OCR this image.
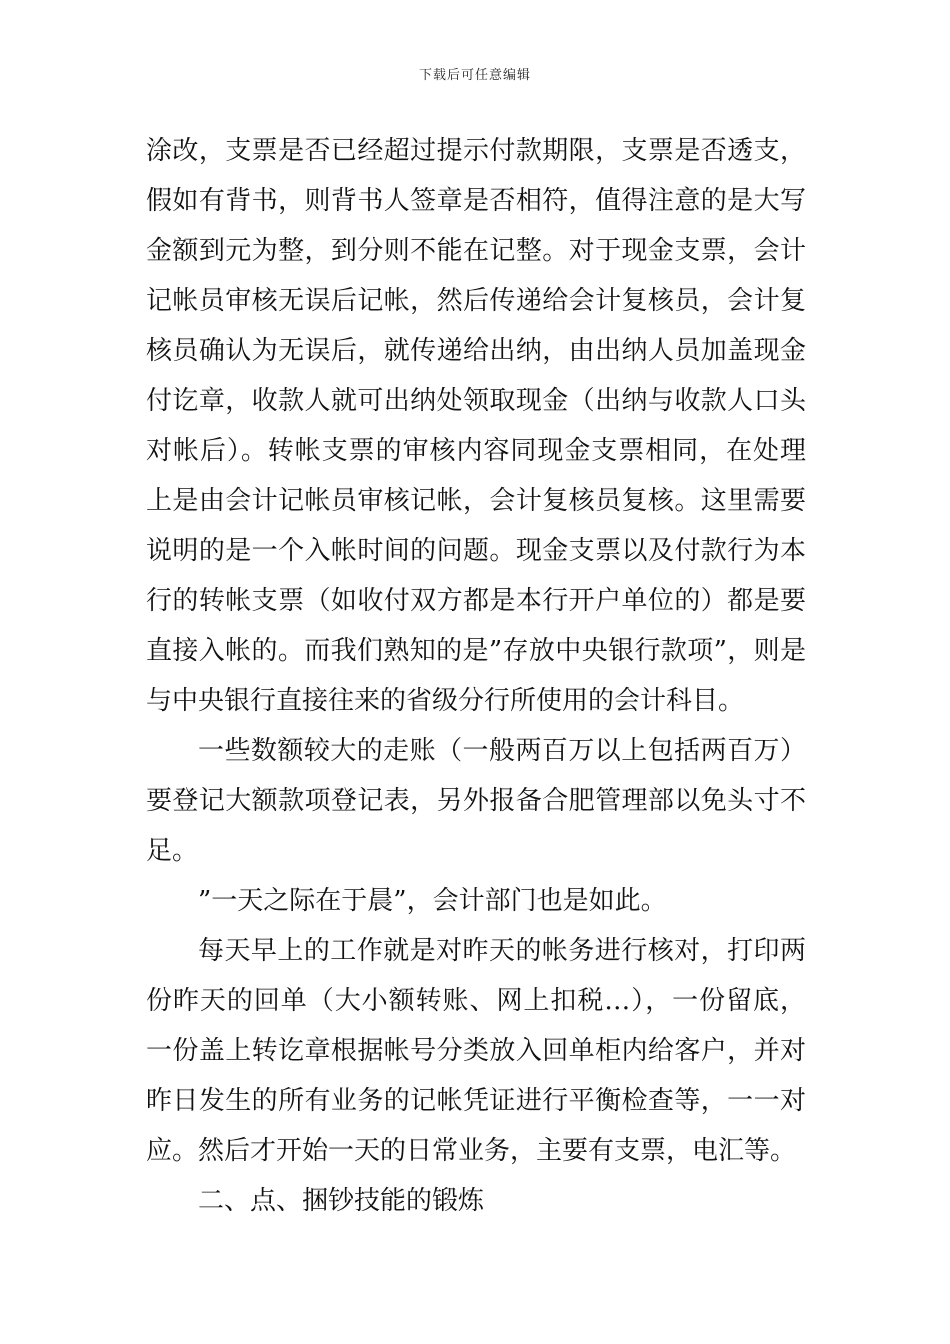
下载后可任意编辑

涂改，支票是否已经超过提示付款期限，支票是否透支，假如有背书，则背书人签章是否相符，值得注意的是大写金额到元为整，到分则不能在记整。对于现金支票，会计记帐员审核无误后记帐，然后传递给会计复核员，会计复核员确认为无误后，就传递给出纳，由出纳人员加盖现金付讫章，收款人就可出纳处领取现金（出纳与收款人口头对帐后）。转帐支票的审核内容同现金支票相同，在处理上是由会计记帐员审核记帐，会计复核员复核。这里需要说明的是一个入帐时间的问题。现金支票以及付款行为本行的转帐支票（如收付双方都是本行开户单位的）都是要直接入帐的。而我们熟知的是”存放中央银行款项”，则是与中央银行直接往来的省级分行所使用的会计科目。

一些数额较大的走账（一般两百万以上包括两百万）要登记大额款项登记表，另外报备合肥管理部以免头寸不足。

”一天之际在于晨”，会计部门也是如此。

每天早上的工作就是对昨天的帐务进行核对，打印两份昨天的回单（大小额转账、网上扣税…），一份留底，一份盖上转讫章根据帐号分类放入回单柜内给客户，并对昨日发生的所有业务的记帐凭证进行平衡检查等，一一对应。然后才开始一天的日常业务，主要有支票，电汇等。

二、点、捆钞技能的锻炼
